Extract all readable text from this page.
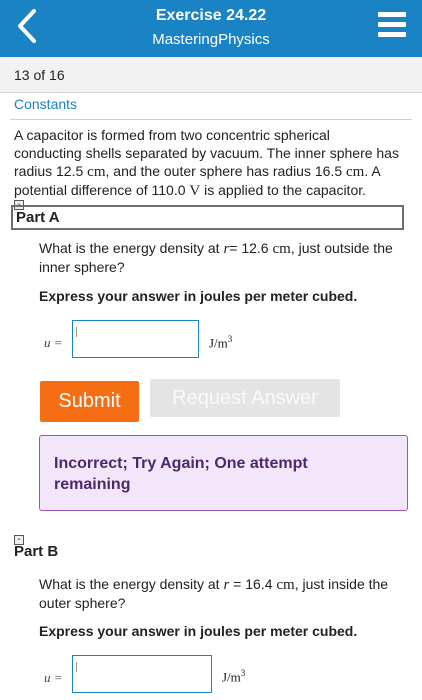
Exercise 24.22
MasteringPhysics
13 of 16
Constants
A capacitor is formed from two concentric spherical
conducting shells separated by vacuum. The inner sphere has
radius 12.5 cm, and the outer sphere has radius 16.5 cm. A
potential difference of 110.0 V is applied to the capacitor.
-
Part A
What is the energy density at r= 12.6 cm, just outside the
inner sphere?
Express your answer in joules per meter cubed.
u =	$J/m^3$
Submit	Request Answer
Incorrect; Try Again; One attempt
remaining
-
Part B
What is the energy density at r = 16.4 cm, just inside the
outer sphere?
Express your answer in joules per meter cubed.
u =	$J/m^3$
